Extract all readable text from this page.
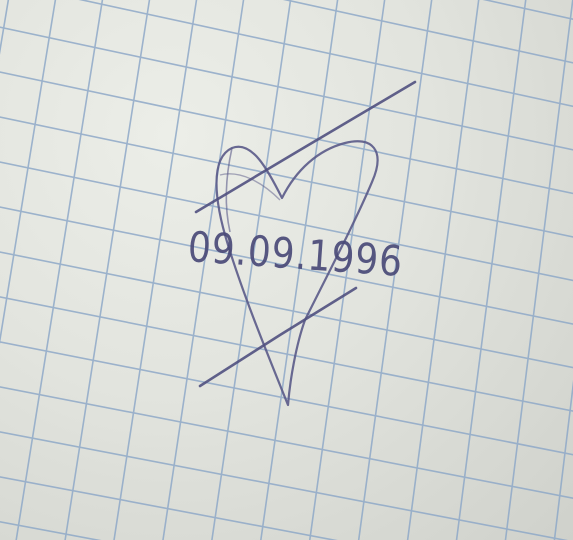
09.09.1996
